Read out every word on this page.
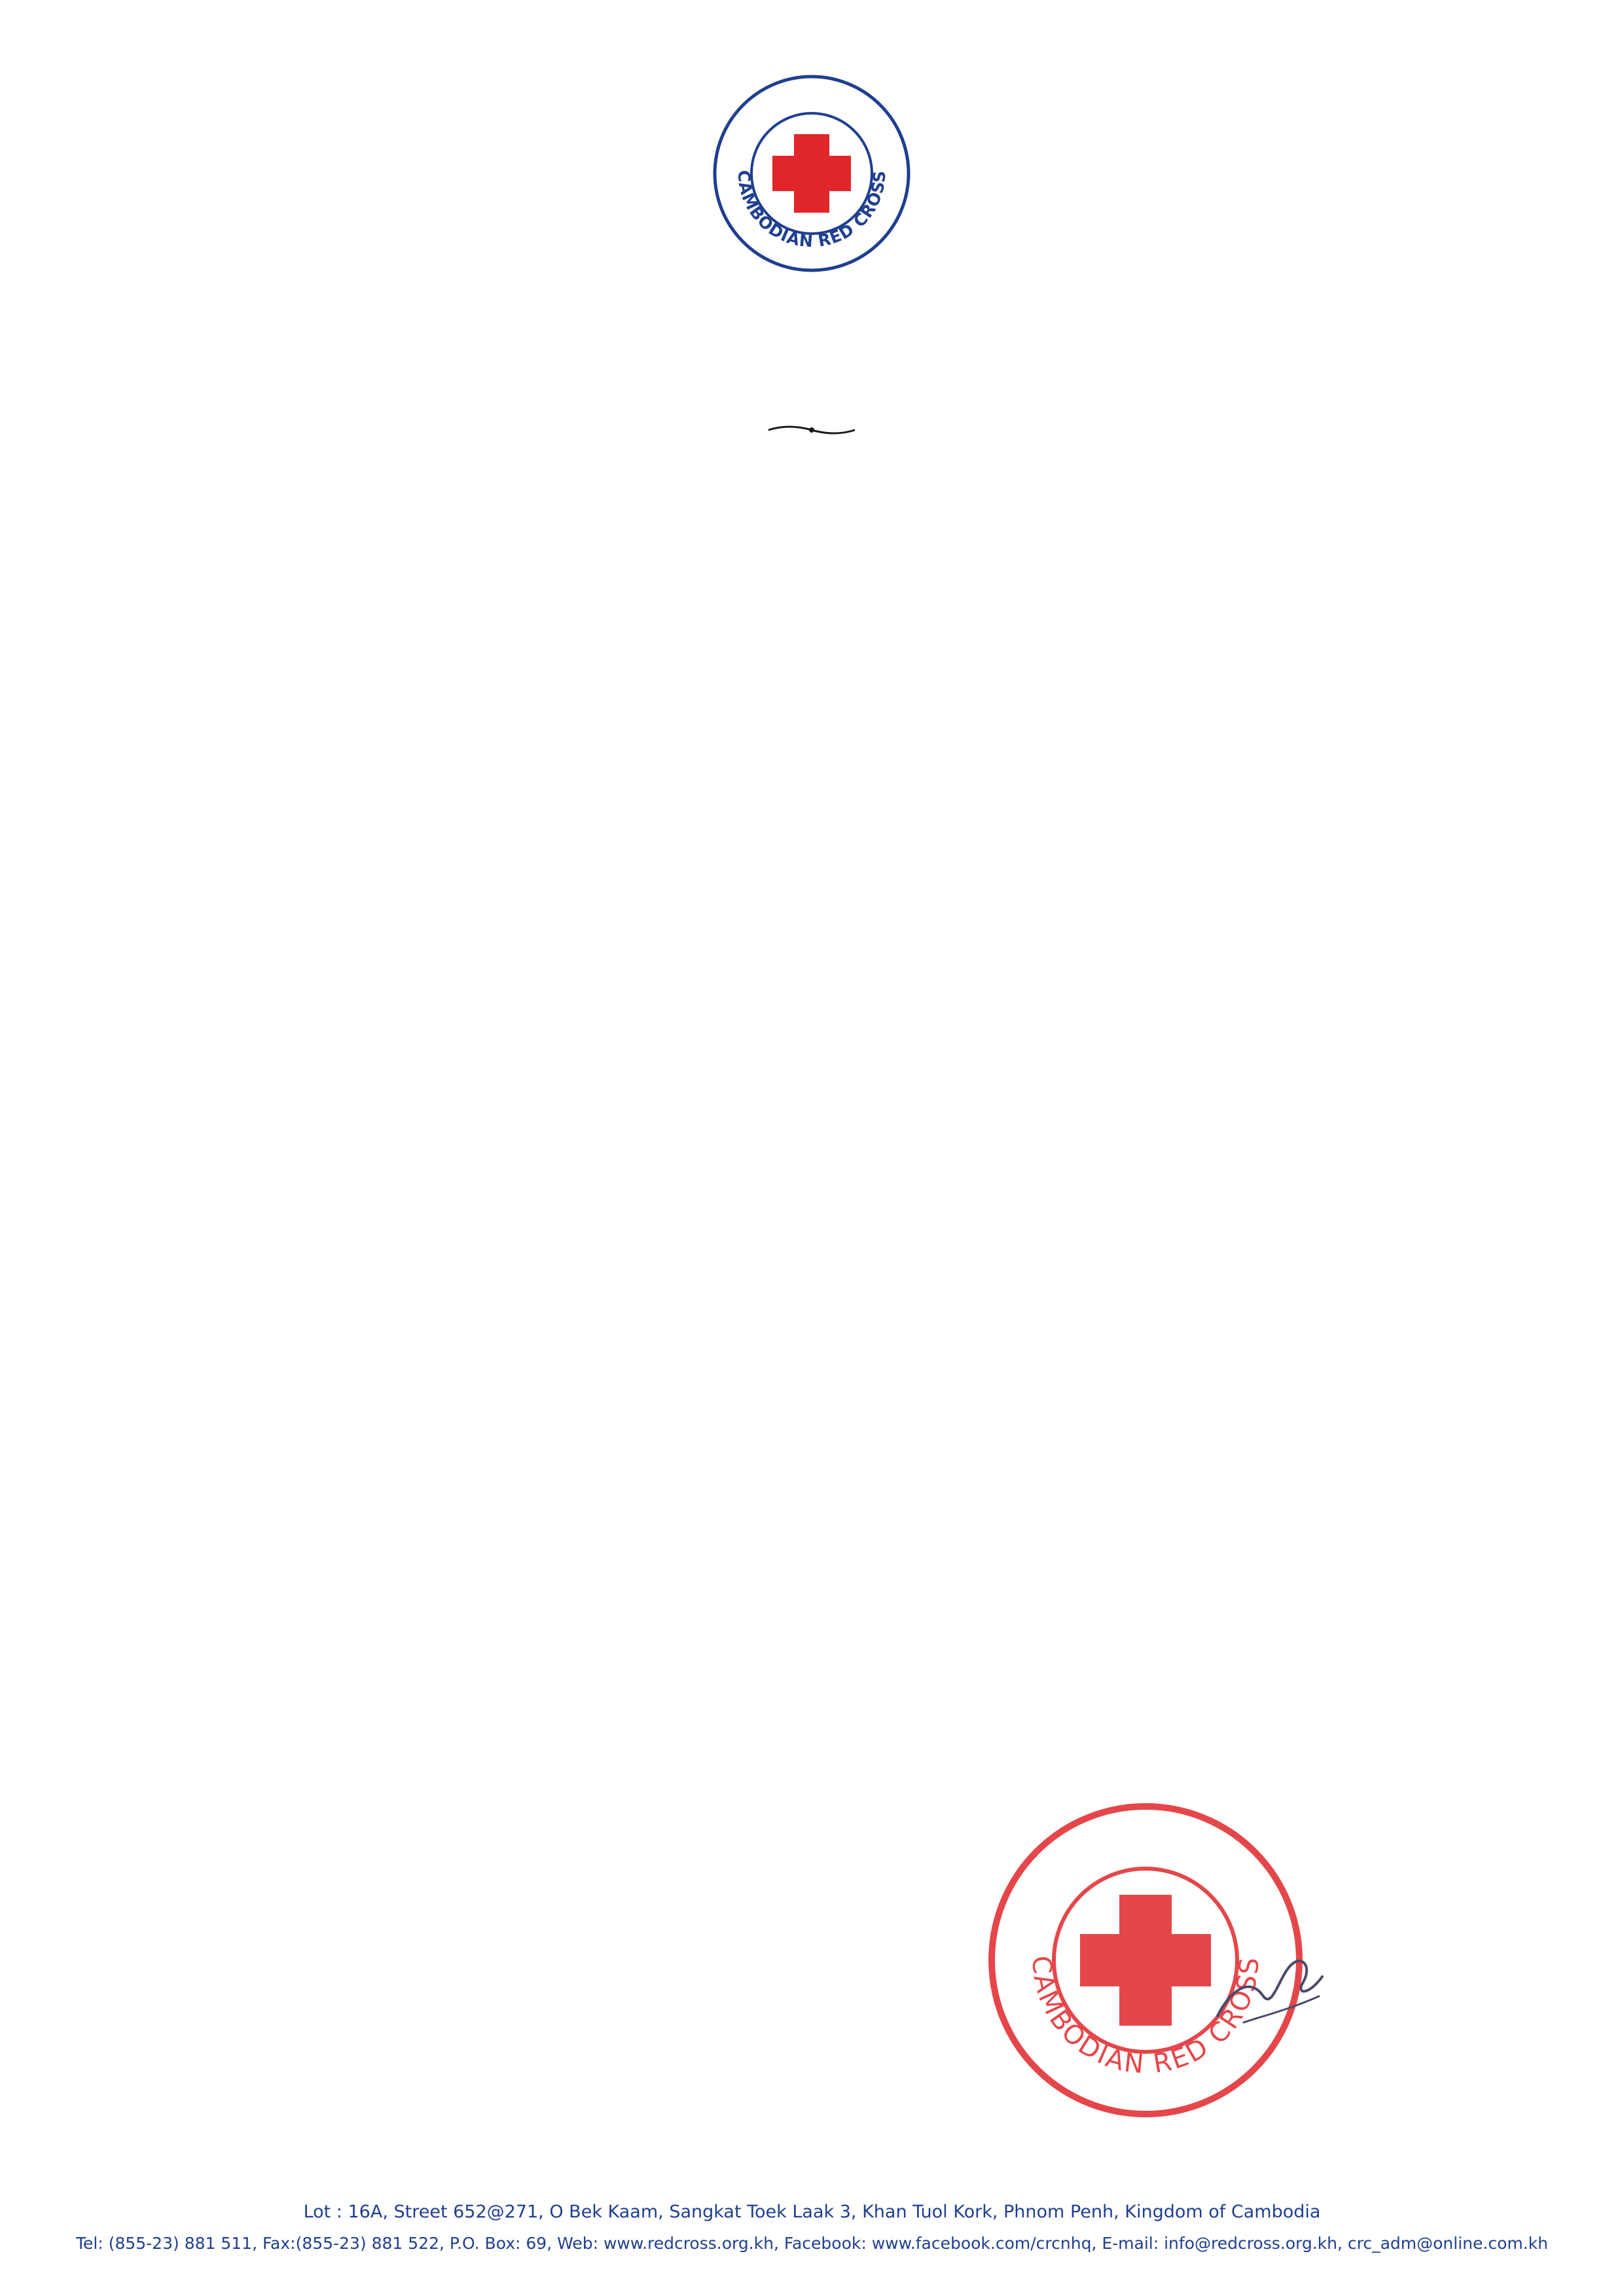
CAMBODIAN RED CROSS
CAMBODIAN RED CROSS
Lot : 16A, Street 652@271, O Bek Kaam, Sangkat Toek Laak 3, Khan Tuol Kork, Phnom Penh, Kingdom of Cambodia
Tel: (855-23) 881 511, Fax:(855-23) 881 522, P.O. Box: 69, Web: www.redcross.org.kh, Facebook: www.facebook.com/crcnhq, E-mail: info@redcross.org.kh, crc_adm@online.com.kh
